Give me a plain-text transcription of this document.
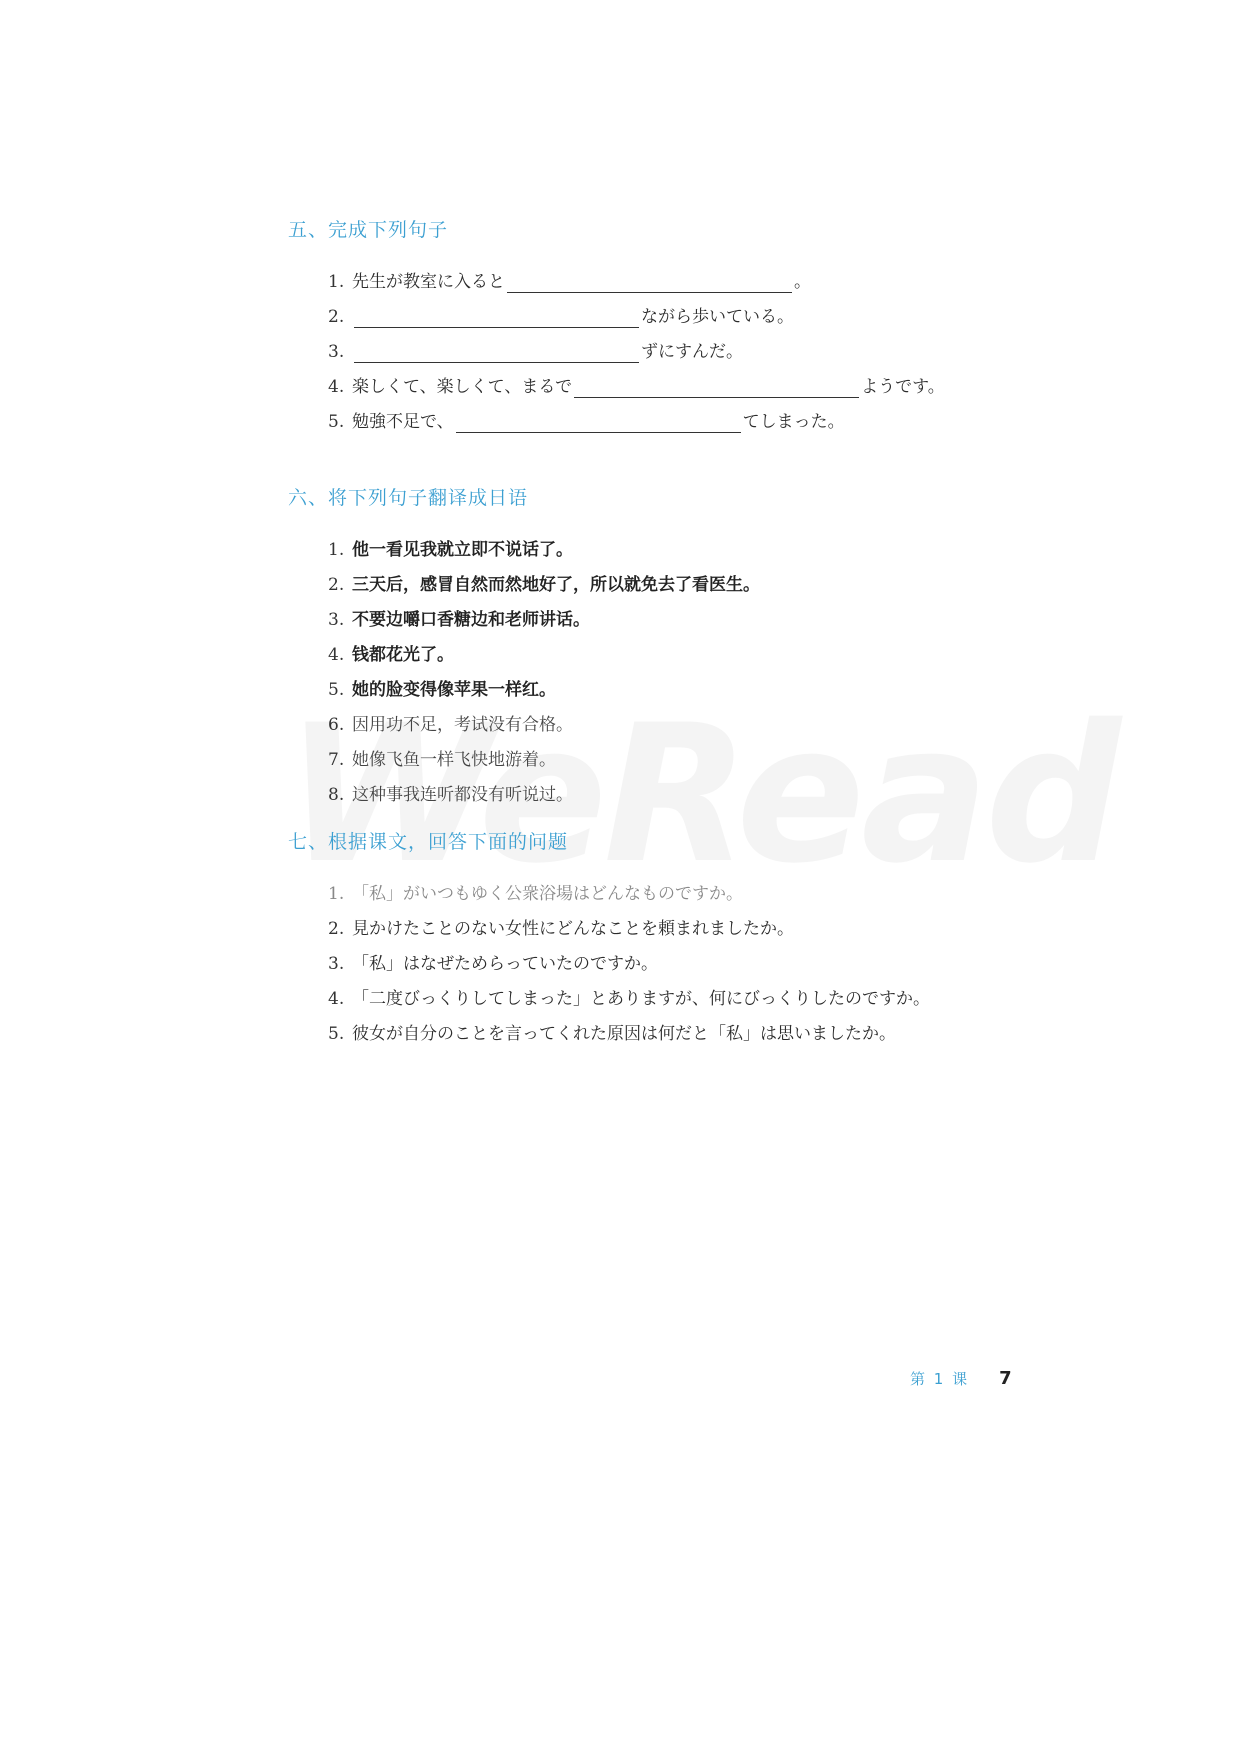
五、完成下列句子
1. 先生が教室に入ると	。
2.	ながら歩いている。
3.	ずにすんだ。
4. 楽しくて、楽しくて、まるで	ようです。
5. 勉強不足で、	てしまった。
六、将下列句子翻译成日语
1. 他一看见我就立即不说话了。
2. 三天后，感冒自然而然地好了，所以就免去了看医生。
3. 不要边嚼口香糖边和老师讲话。
4. 钱都花光了。
5. 她的脸变得像苹果一样红。
6. 因用功不足，考试没有合格。
7. 她像飞鱼一样飞快地游着。
8. 这种事我连听都没有听说过。
七、根据课文，回答下面的问题
1. 「私」がいつもゆく公衆浴場はどんなものですか。
2. 見かけたことのない女性にどんなことを頼まれましたか。
3. 「私」はなぜためらっていたのですか。
4. 「二度びっくりしてしまった」とありますが、何にびっくりしたのですか。
5. 彼女が自分のことを言ってくれた原因は何だと「私」は思いましたか。
第 1 课 7
